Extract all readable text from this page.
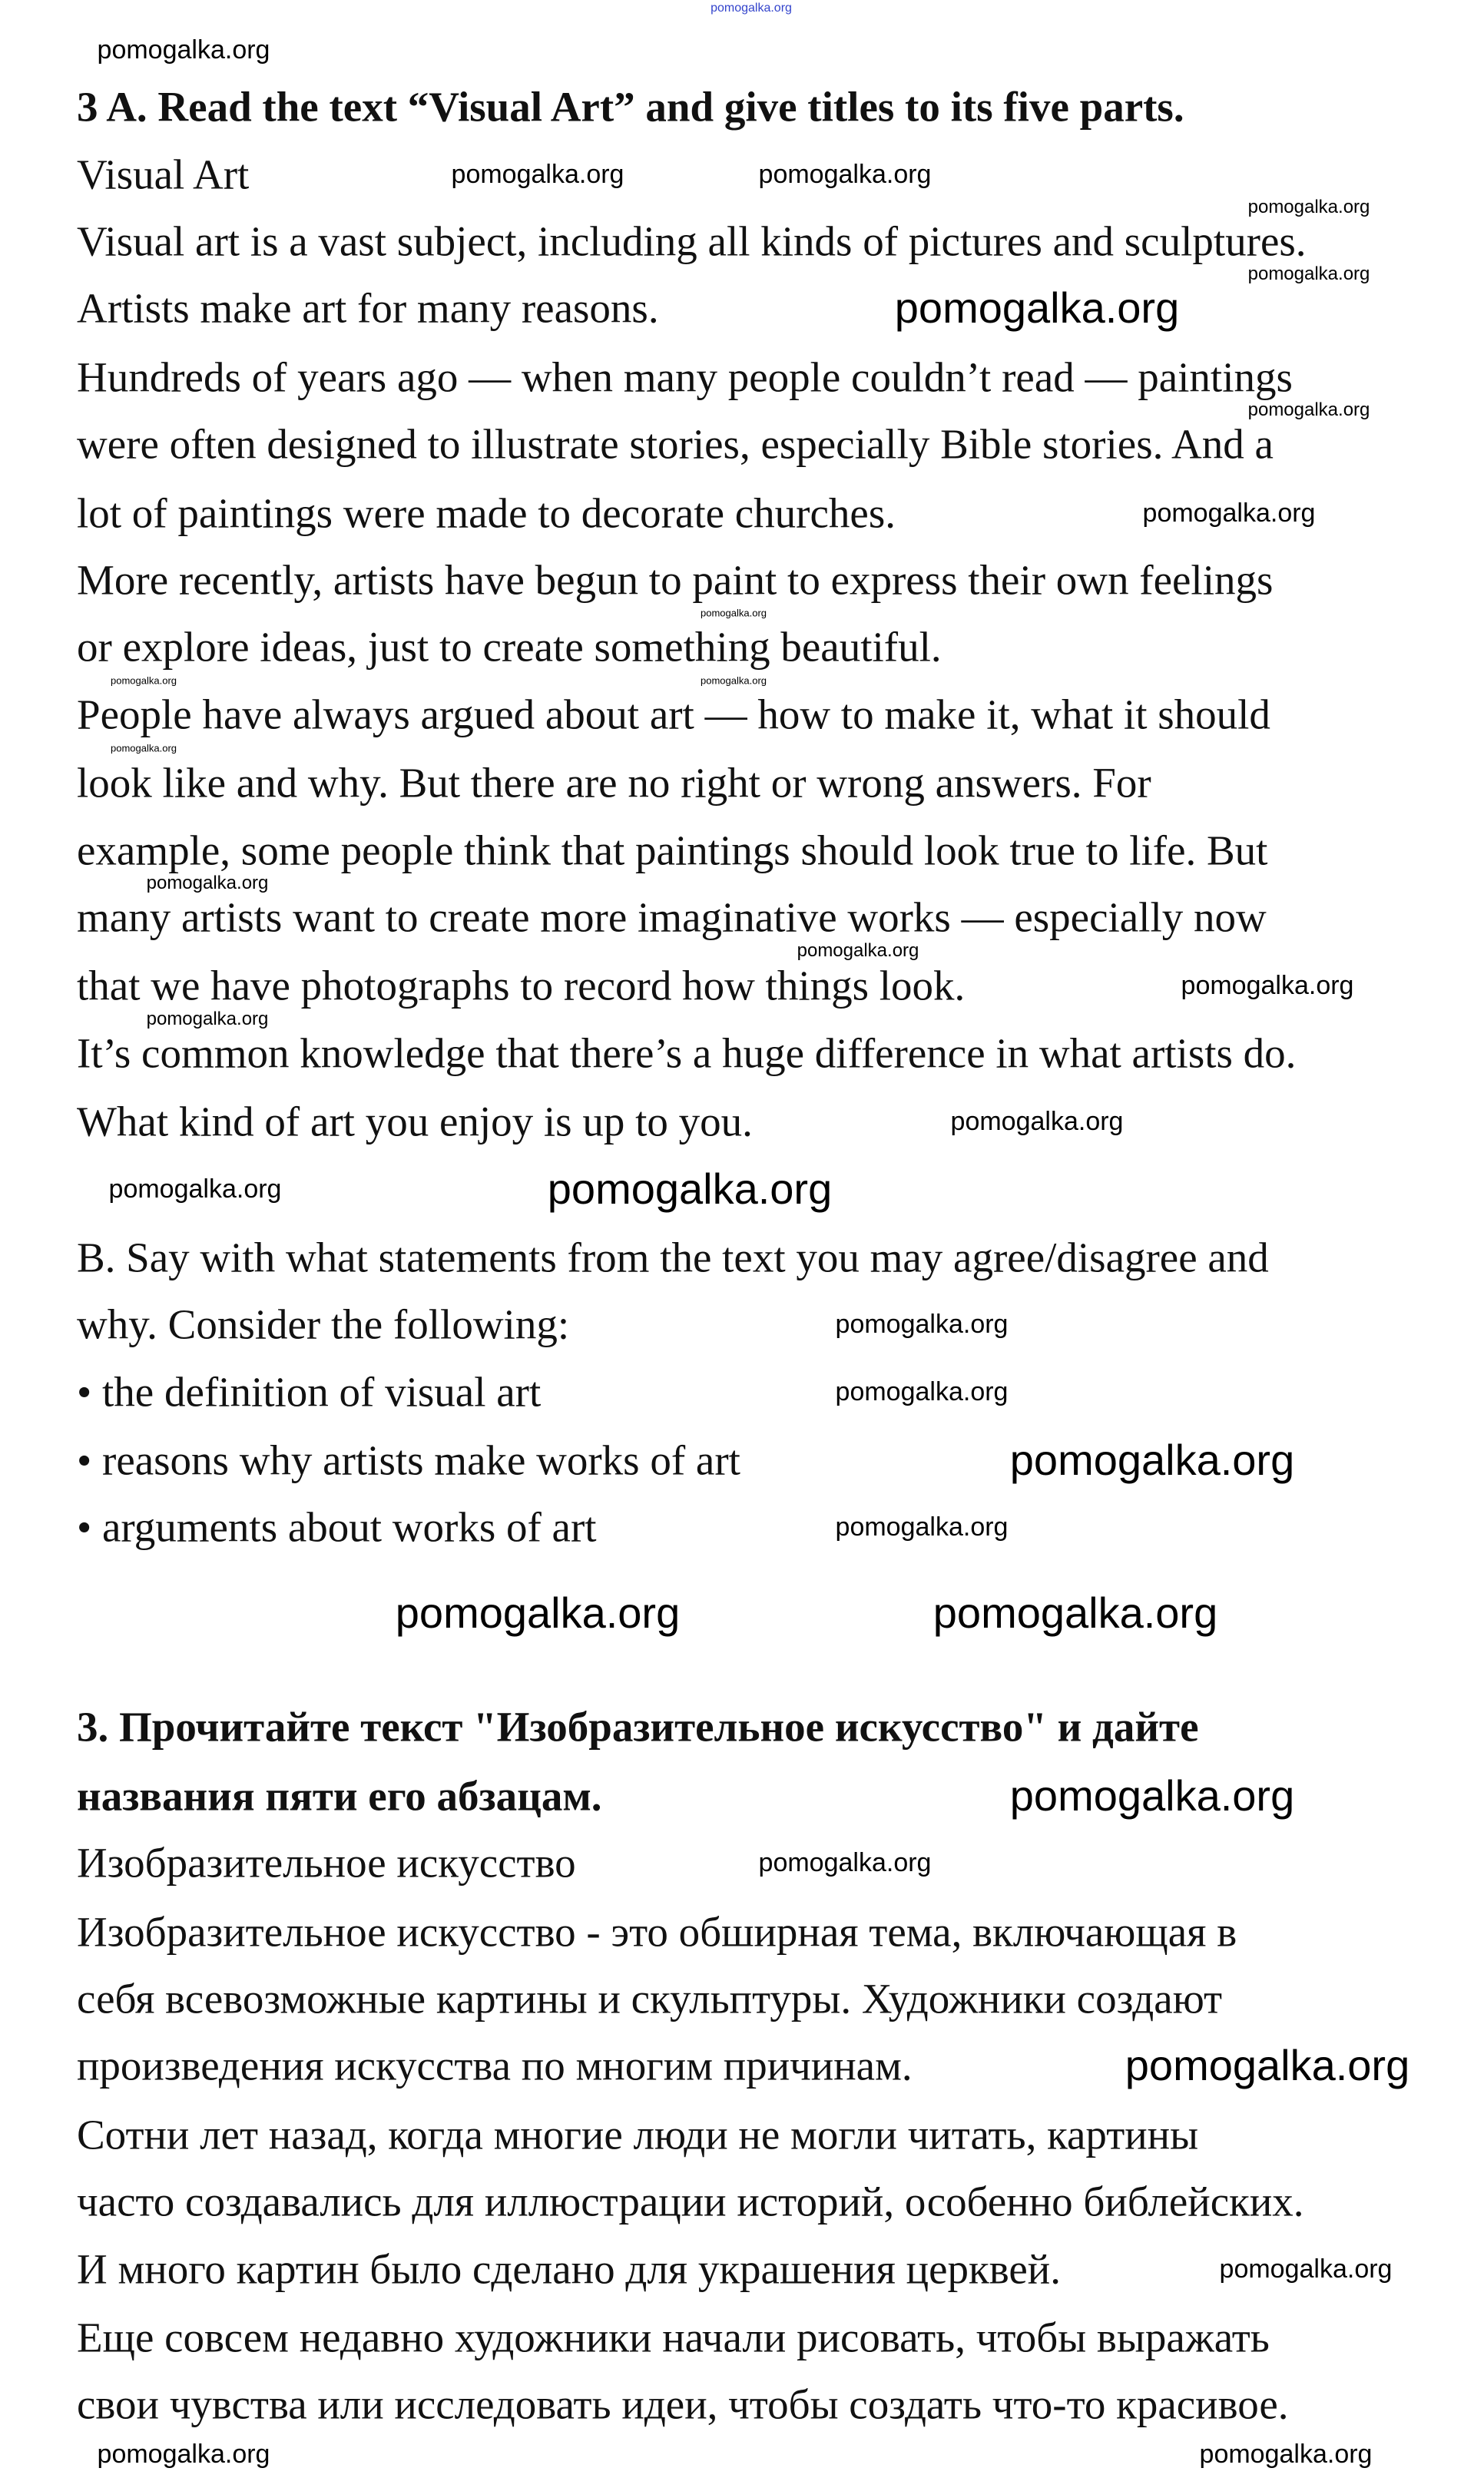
3 A. Read the text “Visual Art” and give titles to its five parts.
Visual Art
Visual art is a vast subject, including all kinds of pictures and sculptures.
Artists make art for many reasons.
Hundreds of years ago — when many people couldn’t read — paintings
were often designed to illustrate stories, especially Bible stories. And a
lot of paintings were made to decorate churches.
More recently, artists have begun to paint to express their own feelings
or explore ideas, just to create something beautiful.
People have always argued about art — how to make it, what it should
look like and why. But there are no right or wrong answers. For
example, some people think that paintings should look true to life. But
many artists want to create more imaginative works — especially now
that we have photographs to record how things look.
It’s common knowledge that there’s a huge difference in what artists do.
What kind of art you enjoy is up to you.
B. Say with what statements from the text you may agree/disagree and
why. Consider the following:
• the definition of visual art
• reasons why artists make works of art
• arguments about works of art
3. Прочитайте текст "Изобразительное искусство" и дайте
названия пяти его абзацам.
Изобразительное искусство
Изобразительное искусство - это обширная тема, включающая в
себя всевозможные картины и скульптуры. Художники создают
произведения искусства по многим причинам.
Сотни лет назад, когда многие люди не могли читать, картины
часто создавались для иллюстрации историй, особенно библейских.
И много картин было сделано для украшения церквей.
Еще совсем недавно художники начали рисовать, чтобы выражать
свои чувства или исследовать идеи, чтобы создать что-то красивое.
pomogalka.org
pomogalka.org
pomogalka.org	pomogalka.org
pomogalka.org
pomogalka.org
pomogalka.org
pomogalka.org
pomogalka.org
pomogalka.org
pomogalka.org	pomogalka.org
pomogalka.org
pomogalka.org
pomogalka.org
pomogalka.org
pomogalka.org
pomogalka.org
pomogalka.org	pomogalka.org
pomogalka.org
pomogalka.org
pomogalka.org
pomogalka.org
pomogalka.org	pomogalka.org
pomogalka.org
pomogalka.org
pomogalka.org
pomogalka.org
pomogalka.org	pomogalka.org
